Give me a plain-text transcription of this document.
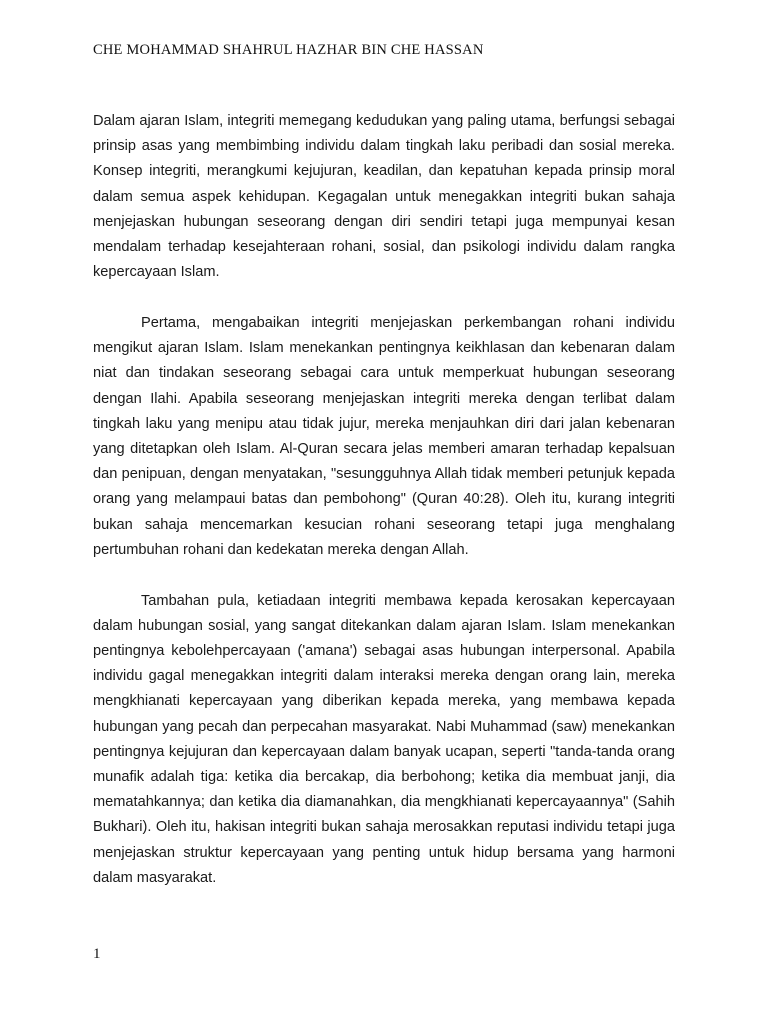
CHE MOHAMMAD SHAHRUL HAZHAR BIN CHE HASSAN

Dalam ajaran Islam, integriti memegang kedudukan yang paling utama, berfungsi sebagai prinsip asas yang membimbing individu dalam tingkah laku peribadi dan sosial mereka. Konsep integriti, merangkumi kejujuran, keadilan, dan kepatuhan kepada prinsip moral dalam semua aspek kehidupan. Kegagalan untuk menegakkan integriti bukan sahaja menjejaskan hubungan seseorang dengan diri sendiri tetapi juga mempunyai kesan mendalam terhadap kesejahteraan rohani, sosial, dan psikologi individu dalam rangka kepercayaan Islam.

Pertama, mengabaikan integriti menjejaskan perkembangan rohani individu mengikut ajaran Islam. Islam menekankan pentingnya keikhlasan dan kebenaran dalam niat dan tindakan seseorang sebagai cara untuk memperkuat hubungan seseorang dengan Ilahi. Apabila seseorang menjejaskan integriti mereka dengan terlibat dalam tingkah laku yang menipu atau tidak jujur, mereka menjauhkan diri dari jalan kebenaran yang ditetapkan oleh Islam. Al-Quran secara jelas memberi amaran terhadap kepalsuan dan penipuan, dengan menyatakan, "sesungguhnya Allah tidak memberi petunjuk kepada orang yang melampaui batas dan pembohong" (Quran 40:28). Oleh itu, kurang integriti bukan sahaja mencemarkan kesucian rohani seseorang tetapi juga menghalang pertumbuhan rohani dan kedekatan mereka dengan Allah.

Tambahan pula, ketiadaan integriti membawa kepada kerosakan kepercayaan dalam hubungan sosial, yang sangat ditekankan dalam ajaran Islam. Islam menekankan pentingnya kebolehpercayaan ('amana') sebagai asas hubungan interpersonal. Apabila individu gagal menegakkan integriti dalam interaksi mereka dengan orang lain, mereka mengkhianati kepercayaan yang diberikan kepada mereka, yang membawa kepada hubungan yang pecah dan perpecahan masyarakat. Nabi Muhammad (saw) menekankan pentingnya kejujuran dan kepercayaan dalam banyak ucapan, seperti "tanda-tanda orang munafik adalah tiga: ketika dia bercakap, dia berbohong; ketika dia membuat janji, dia mematahkannya; dan ketika dia diamanahkan, dia mengkhianati kepercayaannya" (Sahih Bukhari). Oleh itu, hakisan integriti bukan sahaja merosakkan reputasi individu tetapi juga menjejaskan struktur kepercayaan yang penting untuk hidup bersama yang harmoni dalam masyarakat.

1
